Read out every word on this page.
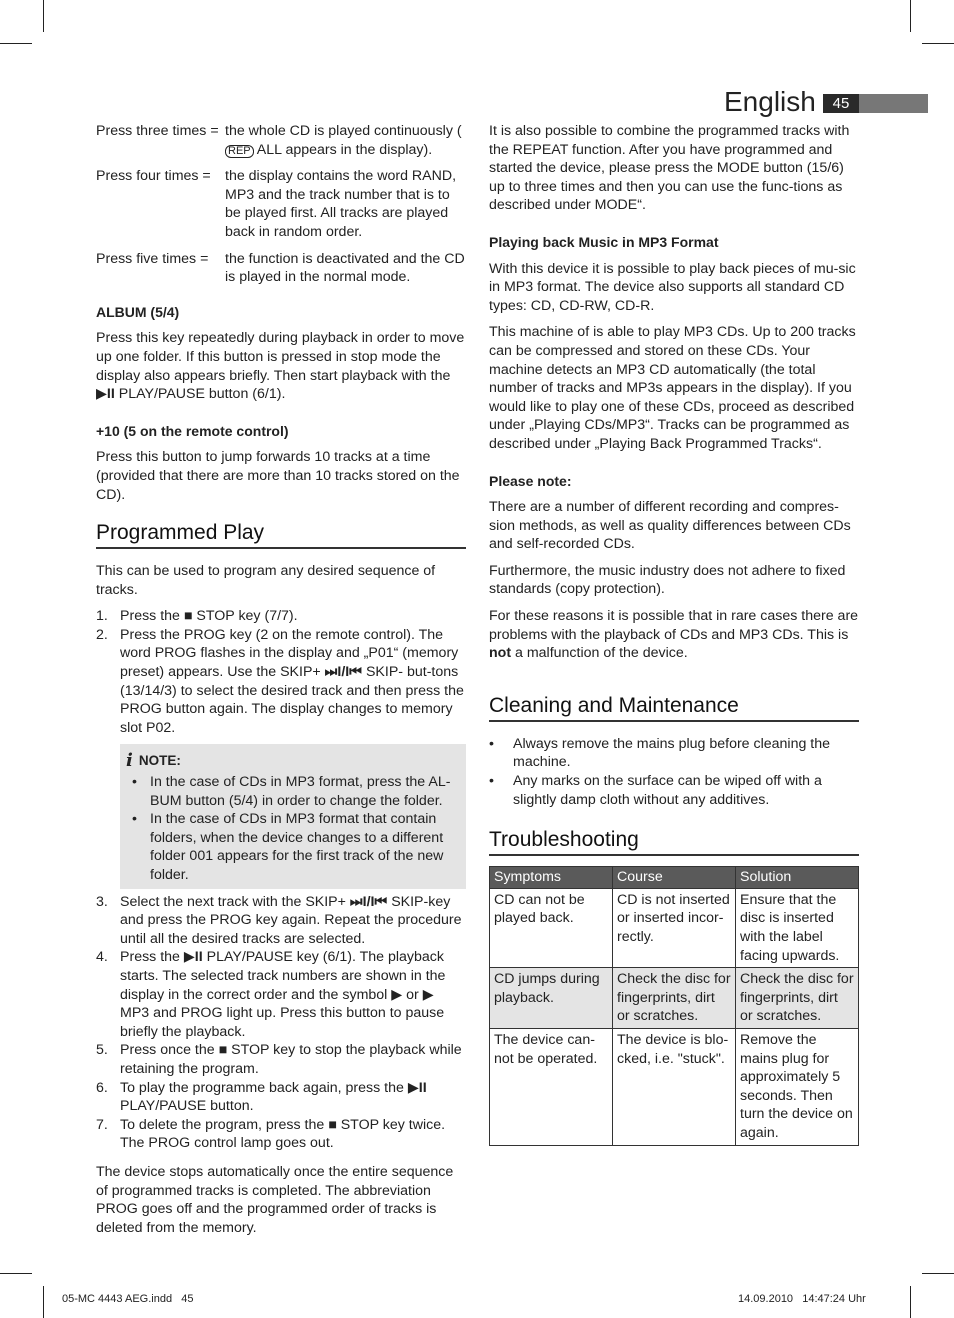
English	45
Press three times = the whole CD is played continuously (REP ALL appears in the display).
Press four times =	the display contains the word RAND, MP3 and the track number that is to be played first. All tracks are played back in random order.
Press five times =	the function is deactivated and the CD is played in the normal mode.
ALBUM (5/4)

Press this key repeatedly during playback in order to move up one folder. If this button is pressed in stop mode the display also appears briefly. Then start playback with the ▶II PLAY/PAUSE button (6/1).

+10 (5 on the remote control)

Press this button to jump forwards 10 tracks at a time (provided that there are more than 10 tracks stored on the CD).

Programmed Play

This can be used to program any desired sequence of tracks.

1. Press the ■ STOP key (7/7).
2. Press the PROG key (2 on the remote control). The word PROG flashes in the display and „P01“ (memory preset) appears. Use the SKIP+ ⏭I/I⏮ SKIP- but-tons (13/14/3) to select the desired track and then press the PROG button again. The display changes to memory slot P02.
i NOTE:
• In the case of CDs in MP3 format, press the AL-BUM button (5/4) in order to change the folder.
• In the case of CDs in MP3 format that contain folders, when the device changes to a different folder 001 appears for the first track of the new folder.
3. Select the next track with the SKIP+ ⏭I/I⏮ SKIP-key and press the PROG key again. Repeat the procedure until all the desired tracks are selected.
4. Press the ▶II PLAY/PAUSE key (6/1). The playback starts. The selected track numbers are shown in the display in the correct order and the symbol ▶ or ▶ MP3 and PROG light up. Press this button to pause briefly the playback.
5. Press once the ■ STOP key to stop the playback while retaining the program.
6. To play the programme back again, press the ▶II PLAY/PAUSE button.
7. To delete the program, press the ■ STOP key twice. The PROG control lamp goes out.

The device stops automatically once the entire sequence of programmed tracks is completed. The abbreviation PROG goes off and the programmed order of tracks is deleted from the memory.

It is also possible to combine the programmed tracks with the REPEAT function. After you have programmed and started the device, please press the MODE button (15/6) up to three times and then you can use the func-tions as described under MODE“.

Playing back Music in MP3 Format

With this device it is possible to play back pieces of mu-sic in MP3 format. The device also supports all standard CD types: CD, CD-RW, CD-R.

This machine of is able to play MP3 CDs. Up to 200 tracks can be compressed and stored on these CDs. Your machine detects an MP3 CD automatically (the total number of tracks and MP3s appears in the display). If you would like to play one of these CDs, proceed as described under „Playing CDs/MP3“. Tracks can be programmed as described under „Playing Back Programmed Tracks“.

Please note:

There are a number of different recording and compres-sion methods, as well as quality differences between CDs and self-recorded CDs.

Furthermore, the music industry does not adhere to fixed standards (copy protection).

For these reasons it is possible that in rare cases there are problems with the playback of CDs and MP3 CDs. This is not a malfunction of the device.

Cleaning and Maintenance
•	Always remove the mains plug before cleaning the machine.
•	Any marks on the surface can be wiped off with a slightly damp cloth without any additives.
Troubleshooting
Symptoms	Course	Solution
CD can not be played back.	CD is not inserted or inserted incor-rectly.	Ensure that the disc is inserted with the label facing upwards.
CD jumps during playback.	Check the disc for fingerprints, dirt or scratches.	Check the disc for fingerprints, dirt or scratches.
The device can-not be operated.	The device is blo-cked, i.e. "stuck".	Remove the mains plug for approximately 5 seconds. Then turn the device on again.
05-MC 4443 AEG.indd   45	14.09.2010   14:47:24 Uhr
